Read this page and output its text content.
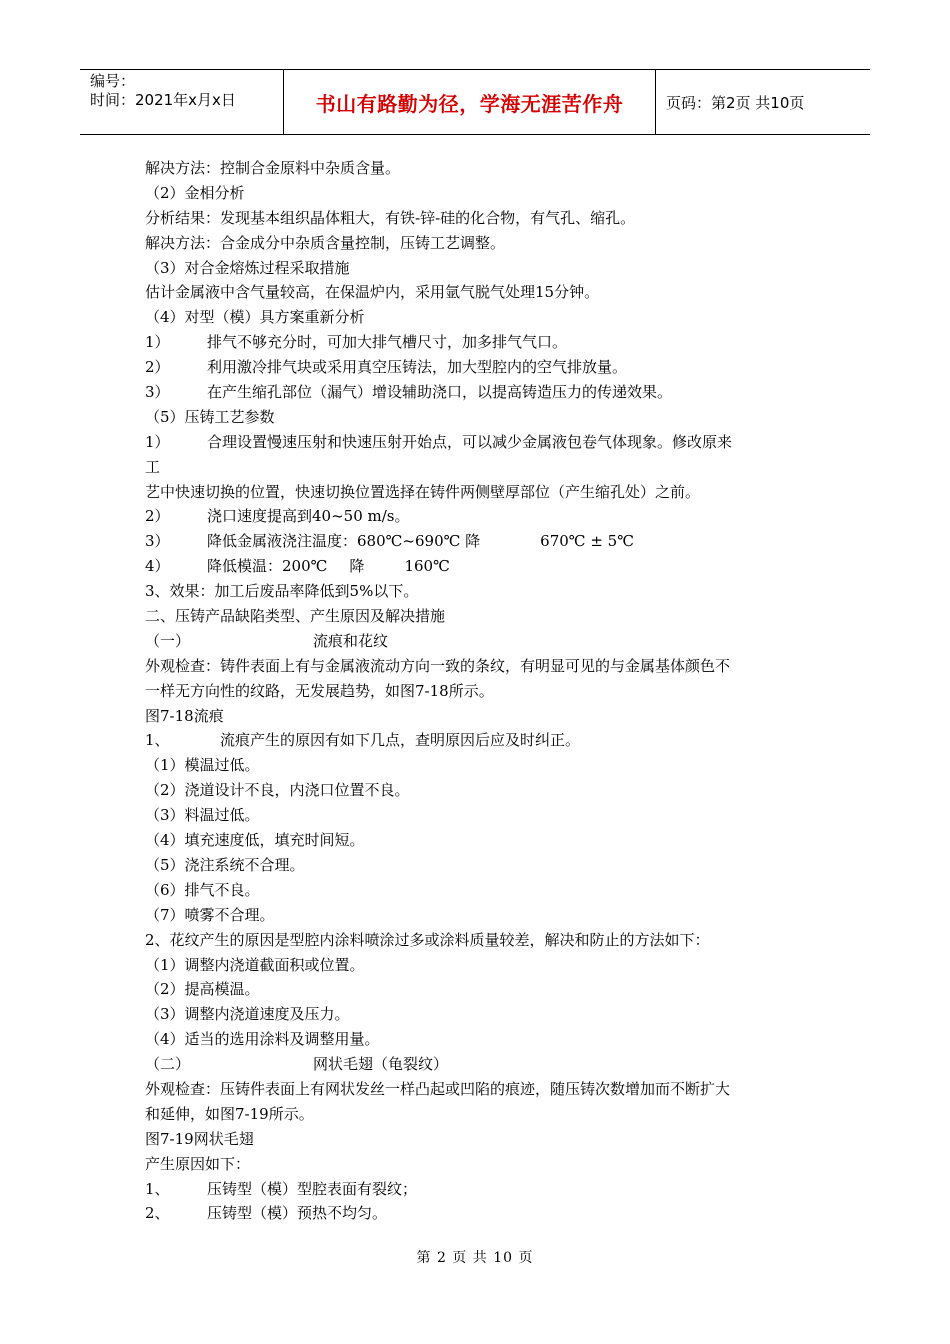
编号：
时间：2021年x月x日	书山有路勤为径，学海无涯苦作舟	页码：第2页 共10页

解决方法：控制合金原料中杂质含量。

（2）金相分析

分析结果：发现基本组织晶体粗大，有铁-锌-硅的化合物，有气孔、缩孔。

解决方法：合金成分中杂质含量控制，压铸工艺调整。

（3）对合金熔炼过程采取措施

估计金属液中含气量较高，在保温炉内，采用氩气脱气处理15分钟。

（4）对型（模）具方案重新分析

1） 排气不够充分时，可加大排气槽尺寸，加多排气气口。

2） 利用激冷排气块或采用真空压铸法，加大型腔内的空气排放量。

3） 在产生缩孔部位（漏气）增设辅助浇口，以提高铸造压力的传递效果。

（5）压铸工艺参数

1） 合理设置慢速压射和快速压射开始点，可以减少金属液包卷气体现象。修改原来

工

艺中快速切换的位置，快速切换位置选择在铸件两侧壁厚部位（产生缩孔处）之前。

2） 浇口速度提高到40~50 m/s。

3） 降低金属液浇注温度：680℃~690℃ 降	670℃ ± 5℃

4） 降低模温：200℃ 降	160℃

3、效果：加工后废品率降低到5%以下。

二、压铸产品缺陷类型、产生原因及解决措施

（一）	流痕和花纹

外观检查：铸件表面上有与金属液流动方向一致的条纹，有明显可见的与金属基体颜色不

一样无方向性的纹路，无发展趋势，如图7-18所示。

图7-18流痕

1、	流痕产生的原因有如下几点，查明原因后应及时纠正。

（1）模温过低。

（2）浇道设计不良，内浇口位置不良。

（3）料温过低。

（4）填充速度低，填充时间短。

（5）浇注系统不合理。

（6）排气不良。

（7）喷雾不合理。

2、花纹产生的原因是型腔内涂料喷涂过多或涂料质量较差，解决和防止的方法如下：

（1）调整内浇道截面积或位置。

（2）提高模温。

（3）调整内浇道速度及压力。

（4）适当的选用涂料及调整用量。

（二）	网状毛翅（龟裂纹）

外观检查：压铸件表面上有网状发丝一样凸起或凹陷的痕迹，随压铸次数增加而不断扩大

和延伸，如图7-19所示。

图7-19网状毛翅

产生原因如下：

1、 压铸型（模）型腔表面有裂纹；

2、 压铸型（模）预热不均匀。

第 2 页 共 10 页
